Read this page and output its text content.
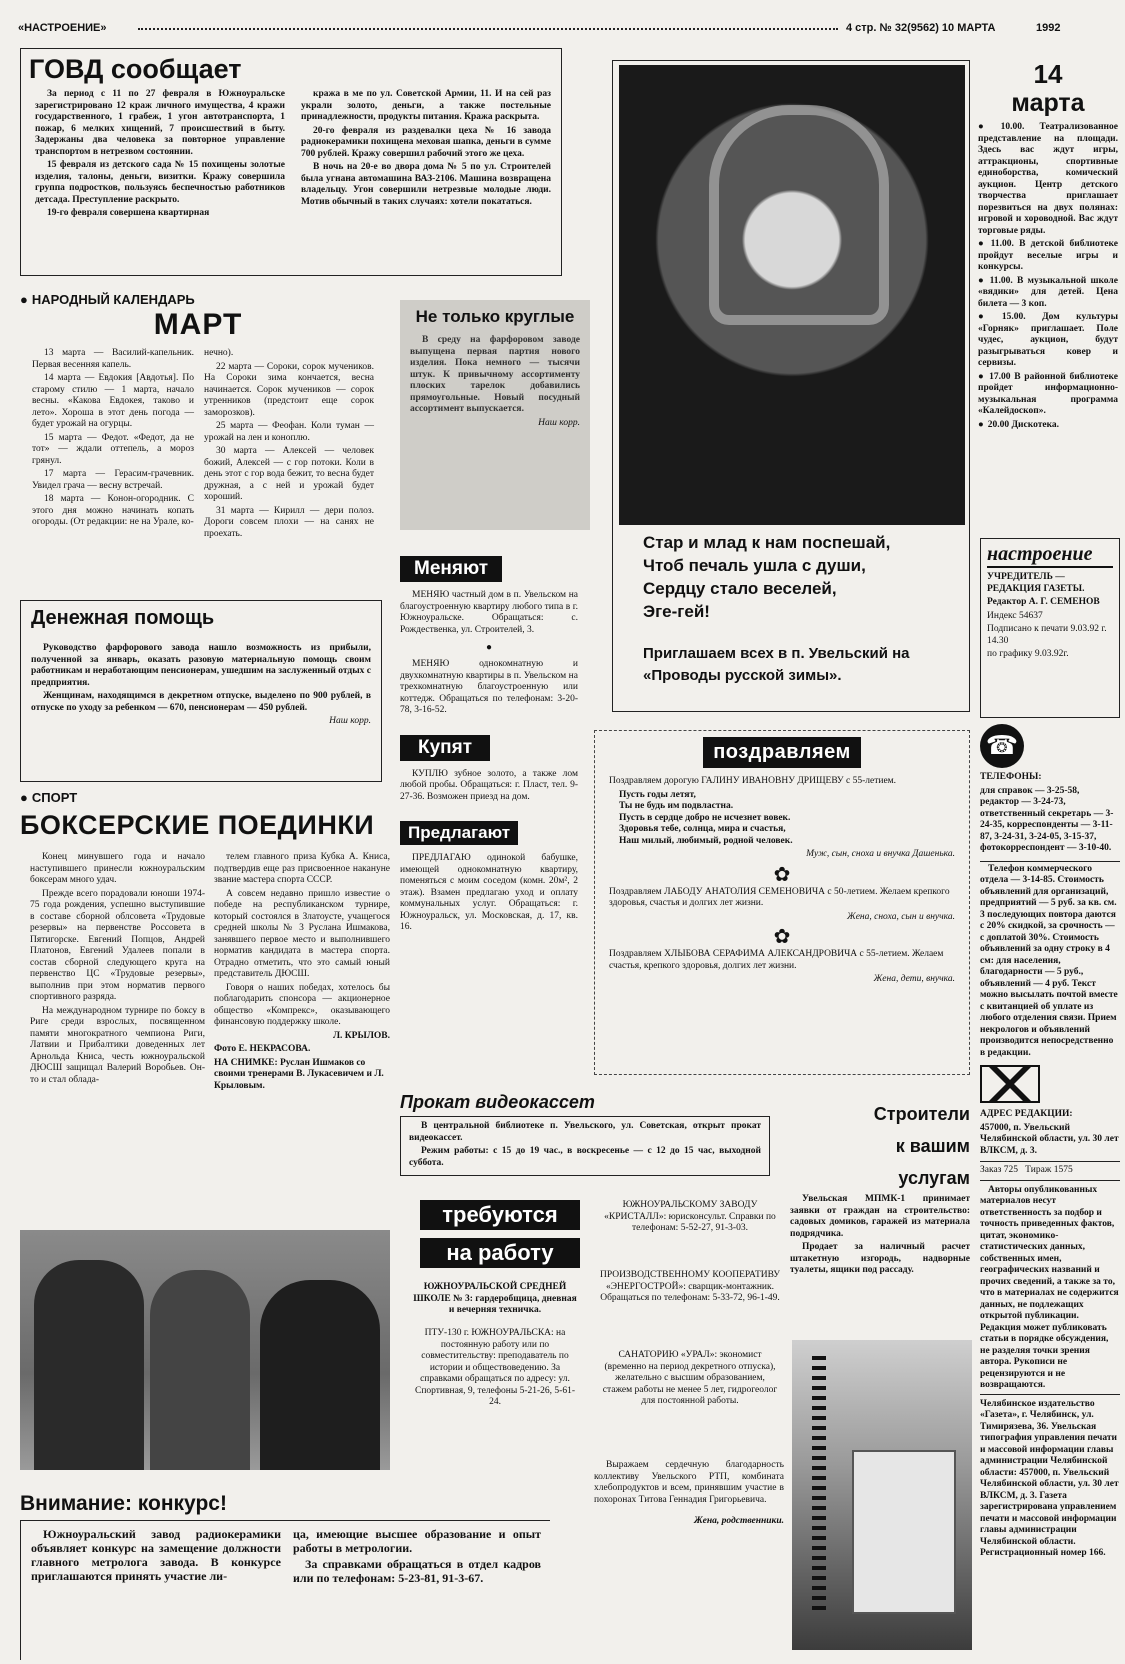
«НАСТРОЕНИЕ»	4 стр. № 32(9562) 10 МАРТА	1992
ГОВД сообщает

За период с 11 по 27 февраля в Южноуральске зарегистрировано 12 краж личного имущества, 4 кражи государственного, 1 грабеж, 1 угон автотранспорта, 1 пожар, 6 мелких хищений, 7 происшествий в быту. Задержаны два человека за повторное управление транспортом в нетрезвом состоянии.

15 февраля из детского сада № 15 похищены золотые изделия, талоны, деньги, визитки. Кражу совершила группа подростков, пользуясь беспечностью работников детсада. Преступление раскрыто.

19-го февраля совершена квартирная

кража в ме по ул. Советской Армии, 11. И на сей раз украли золото, деньги, а также постельные принадлежности, продукты питания. Кража раскрыта.

20-го февраля из раздевалки цеха № 16 завода радиокерамики похищена меховая шапка, деньги в сумме 700 рублей. Кражу совершил рабочий этого же цеха.

В ночь на 20-е во двора дома № 5 по ул. Строителей была угнана автомашина ВАЗ-2106. Машина возвращена владельцу. Угон совершили нетрезвые молодые люди. Мотив обычный в таких случаях: хотели покататься.

● НАРОДНЫЙ КАЛЕНДАРЬ
МАРТ

13 марта — Василий-капельник. Первая весенняя капель.

14 марта — Евдокия [Авдотья]. По старому стилю — 1 марта, начало весны. «Какова Евдокея, таково и лето». Хороша в этот день погода — будет урожай на огурцы.

15 марта — Федот. «Федот, да не тот» — ждали оттепель, а мороз грянул.

17 марта — Герасим-грачевник. Увидел грача — весну встречай.

18 марта — Конон-огородник. С этого дня можно начинать копать огороды. (От редакции: не на Урале, ко-

нечно).

22 марта — Сороки, сорок мучеников. На Сороки зима кончается, весна начинается. Сорок мучеников — сорок утренников (предстоит еще сорок заморозков).

25 марта — Феофан. Коли туман — урожай на лен и коноплю.

30 марта — Алексей — человек божий, Алексей — с гор потоки. Коли в день этот с гор вода бежит, то весна будет дружная, а с ней и урожай будет хороший.

31 марта — Кирилл — дери полоз. Дороги совсем плохи — на санях не проехать.

Не только круглые

В среду на фарфоровом заводе выпущена первая партия нового изделия. Пока немного — тысячи штук. К привычному ассортименту плоских тарелок добавились прямоугольные. Новый посудный ассортимент выпускается.

Наш корр.
Денежная помощь

Руководство фарфорового завода нашло возможность из прибыли, полученной за январь, оказать разовую материальную помощь своим работникам и неработающим пенсионерам, ушедшим на заслуженный отдых с предприятия.

Женщинам, находящимся в декретном отпуске, выделено по 900 рублей, в отпуске по уходу за ребенком — 670, пенсионерам — 450 рублей.

Наш корр.
Меняют

МЕНЯЮ частный дом в п. Увельском на благоустроенную квартиру любого типа в г. Южноуральске. Обращаться: с. Рождественка, ул. Строителей, 3.

●

МЕНЯЮ однокомнатную и двухкомнатную квартиры в п. Увельском на трехкомнатную благоустроенную или коттедж. Обращаться по телефонам: 3-20-78, 3-16-52.

Купят

КУПЛЮ зубное золото, а также лом любой пробы. Обращаться: г. Пласт, тел. 9-27-36. Возможен приезд на дом.

Предлагают

ПРЕДЛАГАЮ одинокой бабушке, имеющей однокомнатную квартиру, поменяться с моим соседом (комн. 20м², 2 этаж). Взамен предлагаю уход и оплату коммунальных услуг. Обращаться: г. Южноуральск, ул. Московская, д. 17, кв. 16.

● СПОРТ
БОКСЕРСКИЕ ПОЕДИНКИ

Конец минувшего года и начало наступившего принесли южноуральским боксерам много удач.

Прежде всего порадовали юноши 1974-75 года рождения, успешно выступившие в составе сборной облсовета «Трудовые резервы» на первенстве Россовета в Пятигорске. Евгений Попцов, Андрей Платонов, Евгений Удалеев попали в состав сборной следующего круга на первенство ЦС «Трудовые резервы», выполнив при этом норматив первого спортивного разряда.

На международном турнире по боксу в Риге среди взрослых, посвященном памяти многократного чемпиона Риги, Латвии и Прибалтики доведенных лет Арнольда Книса, честь южноуральской ДЮСШ защищал Валерий Воробьев. Он-то и стал облада-

телем главного приза Кубка А. Книса, подтвердив еще раз присвоенное накануне звание мастера спорта СССР.

А совсем недавно пришло известие о победе на республиканском турнире, который состоялся в Златоусте, учащегося средней школы № 3 Руслана Ишмакова, занявшего первое место и выполнившего норматив кандидата в мастера спорта. Отрадно отметить, что это самый юный представитель ДЮСШ.

Говоря о наших победах, хотелось бы поблагодарить спонсора — акционерное общество «Компрекс», оказывающего финансовую поддержку школе.

Л. КРЫЛОВ.
Фото Е. НЕКРАСОВА.
НА СНИМКЕ: Руслан Ишмаков со своими тренерами В. Лукасевичем и Л. Крыловым.
Внимание: конкурс!

Южноуральский завод радиокерамики объявляет конкурс на замещение должности главного метролога завода. В конкурсе приглашаются принять участие ли-

ца, имеющие высшее образование и опыт работы в метрологии.

За справками обращаться в отдел кадров или по телефонам: 5-23-81, 91-3-67.

Стар и млад к нам поспешай,
Чтоб печаль ушла с души,
Сердцу стало веселей,
Эге-гей!
Приглашаем всех в п. Увельский на «Проводы русской зимы».
14
марта

● 10.00. Театрализованное представление на площади. Здесь вас ждут игры, аттракционы, спортивные единоборства, комический аукцион. Центр детского творчества приглашает порезвиться на двух полянах: игровой и хороводной. Вас ждут торговые ряды.

● 11.00. В детской библиотеке пройдут веселые игры и конкурсы.

● 11.00. В музыкальной школе «вядики» для детей. Цена билета — 3 коп.

● 15.00. Дом культуры «Горняк» приглашает. Поле чудес, аукцион, будут разыгрываться ковер и сервизы.

● 17.00 В районной библиотеке пройдет информационно-музыкальная программа «Калейдоскоп».

● 20.00 Дискотека.

настроение
УЧРЕДИТЕЛЬ — РЕДАКЦИЯ ГАЗЕТЫ.
Редактор А. Г. СЕМЕНОВ
Индекс 54637
Подписано к печати 9.03.92 г. 14.30
по графику 9.03.92г.
☎
ТЕЛЕФОНЫ:

для справок — 3-25-58, редактор — 3-24-73, ответственный секретарь — 3-24-35, корреспонденты — 3-11-87, 3-24-31, 3-24-05, 3-15-37, фотокорреспондент — 3-10-40.

Телефон коммерческого отдела — 3-14-85. Стоимость объявлений для организаций, предприятий — 5 руб. за кв. см. 3 последующих повтора даются с 20% скидкой, за срочность — с доплатой 30%. Стоимость объявлений за одну строку в 4 см: для населения, благодарности — 5 руб., объявлений — 4 руб. Текст можно высылать почтой вместе с квитанцией об уплате из любого отделения связи. Прием некрологов и объявлений производится непосредственно в редакции.

АДРЕС РЕДАКЦИИ:

457000, п. Увельский Челябинской области, ул. 30 лет ВЛКСМ, д. 3.

Заказ 725 Тираж 1575

Авторы опубликованных материалов несут ответственность за подбор и точность приведенных фактов, цитат, экономико-статистических данных, собственных имен, географических названий и прочих сведений, а также за то, что в материалах не содержится данных, не подлежащих открытой публикации. Редакция может публиковать статьи в порядке обсуждения, не разделяя точки зрения автора. Рукописи не рецензируются и не возвращаются.

Челябинское издательство «Газета», г. Челябинск, ул. Тимирязева, 36. Увельская типография управления печати и массовой информации главы администрации Челябинской области: 457000, п. Увельский Челябинской области, ул. 30 лет ВЛКСМ, д. 3. Газета зарегистрирована управлением печати и массовой информации главы администрации Челябинской области. Регистрационный номер 166.

поздравляем

Поздравляем дорогую ГАЛИНУ ИВАНОВНУ ДРИЩЕВУ с 55-летием.

Пусть годы летят,
Ты не будь им подвластна.
Пусть в сердце добро не исчезнет вовек.
Здоровья тебе, солнца, мира и счастья,
Наш милый, любимый, родной человек.
Муж, сын, сноха и внучка Дашенька.
✿

Поздравляем ЛАБОДУ АНАТОЛИЯ СЕМЕНОВИЧА с 50-летием. Желаем крепкого здоровья, счастья и долгих лет жизни.

Жена, сноха, сын и внучка.
✿

Поздравляем ХЛЫБОВА СЕРАФИМА АЛЕКСАНДРОВИЧА с 55-летием. Желаем счастья, крепкого здоровья, долгих лет жизни.

Жена, дети, внучка.
Прокат видеокассет

В центральной библиотеке п. Увельского, ул. Советская, открыт прокат видеокассет.

Режим работы: с 15 до 19 час., в воскресенье — с 12 до 15 час, выходной суббота.

Строители
к вашим
услугам

Увельская МПМК-1 принимает заявки от граждан на строительство: садовых домиков, гаражей из материала подрядчика.

Продает за наличный расчет штакетную изгородь, надворные туалеты, ящики под рассаду.

требуются
на работу

ЮЖНОУРАЛЬСКОЙ СРЕДНЕЙ ШКОЛЕ № 3: гардеробщица, дневная и вечерняя техничка.

ПТУ-130 г. ЮЖНОУРАЛЬСКА: на постоянную работу или по совместительству: преподаватель по истории и обществоведению. За справками обращаться по адресу: ул. Спортивная, 9, телефоны 5-21-26, 5-61-24.

ЮЖНОУРАЛЬСКОМУ ЗАВОДУ «КРИСТАЛЛ»: юрисконсульт. Справки по телефонам: 5-52-27, 91-3-03.

ПРОИЗВОДСТВЕННОМУ КООПЕРАТИВУ «ЭНЕРГОСТРОЙ»: сварщик-монтажник. Обращаться по телефонам: 5-33-72, 96-1-49.

САНАТОРИЮ «УРАЛ»: экономист (временно на период декретного отпуска), желательно с высшим образованием, стажем работы не менее 5 лет, гидрогеолог для постоянной работы.

Выражаем сердечную благодарность коллективу Увельского РТП, комбината хлебопродуктов и всем, принявшим участие в похоронах Титова Геннадия Григорьевича.

Жена, родственники.
